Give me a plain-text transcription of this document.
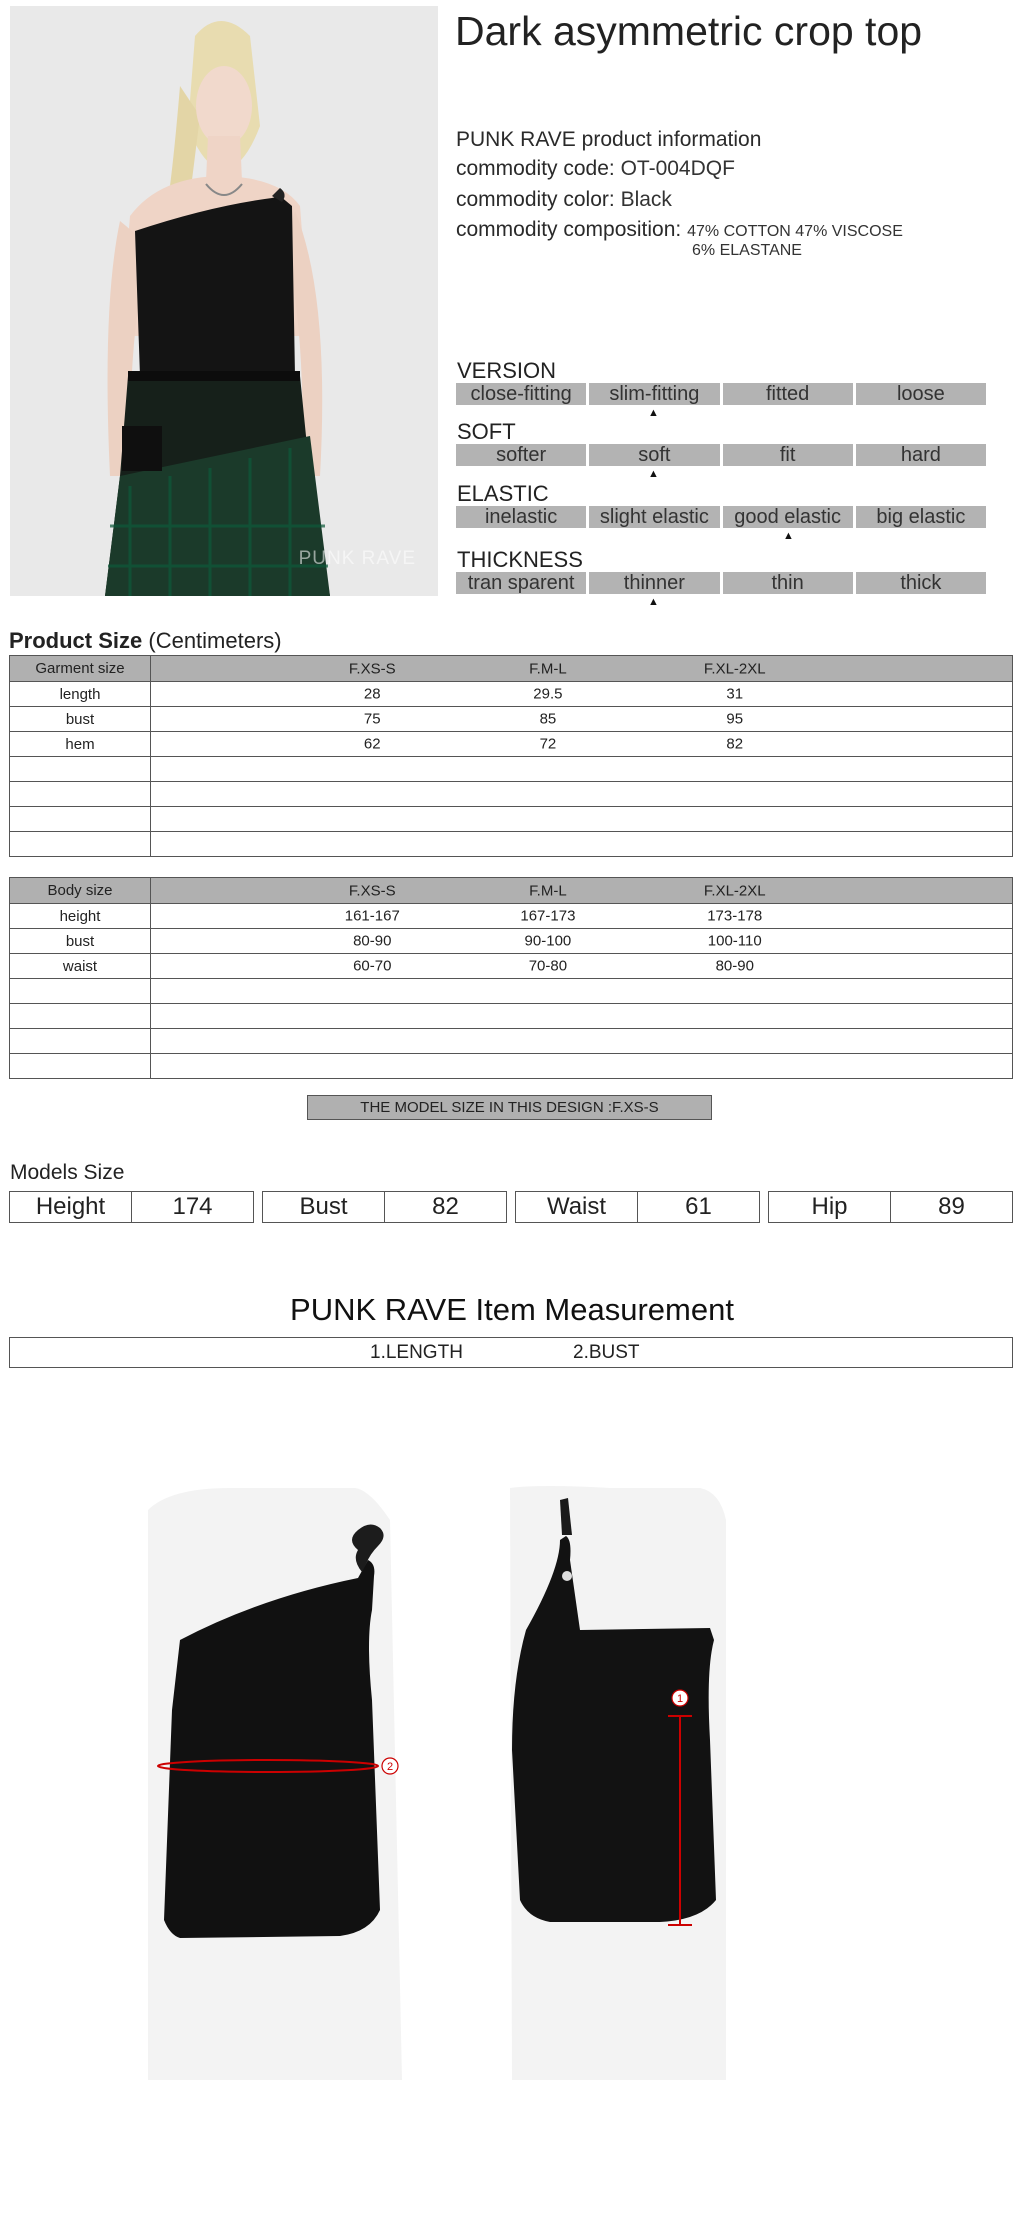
PUNK RAVE
Dark asymmetric crop top
PUNK RAVE product information
commodity code: OT-004DQF
commodity color: Black
commodity composition: 47% COTTON 47% VISCOSE
6% ELASTANE
VERSION
close-fitting	slim-fitting	fitted	loose
▲
SOFT
softer	soft	fit	hard
▲
ELASTIC
inelastic	slight elastic	good elastic	big elastic
▲
THICKNESS
tran sparent	thinner	thin	thick
▲
Product Size (Centimeters)
Garment size	F.XS-S F.M-L F.XL-2XL

length	28 29.5 31

bust	75 85 95

hem	62 72 82

Body size	F.XS-S F.M-L F.XL-2XL

height	161-167 167-173 173-178

bust	80-90 90-100 100-110

waist	60-70 70-80 80-90

THE MODEL SIZE IN THIS DESIGN :F.XS-S
Models Size
Height	174	Bust	82	Waist	61	Hip	89
PUNK RAVE Item Measurement
1.LENGTH	2.BUST
1
2
